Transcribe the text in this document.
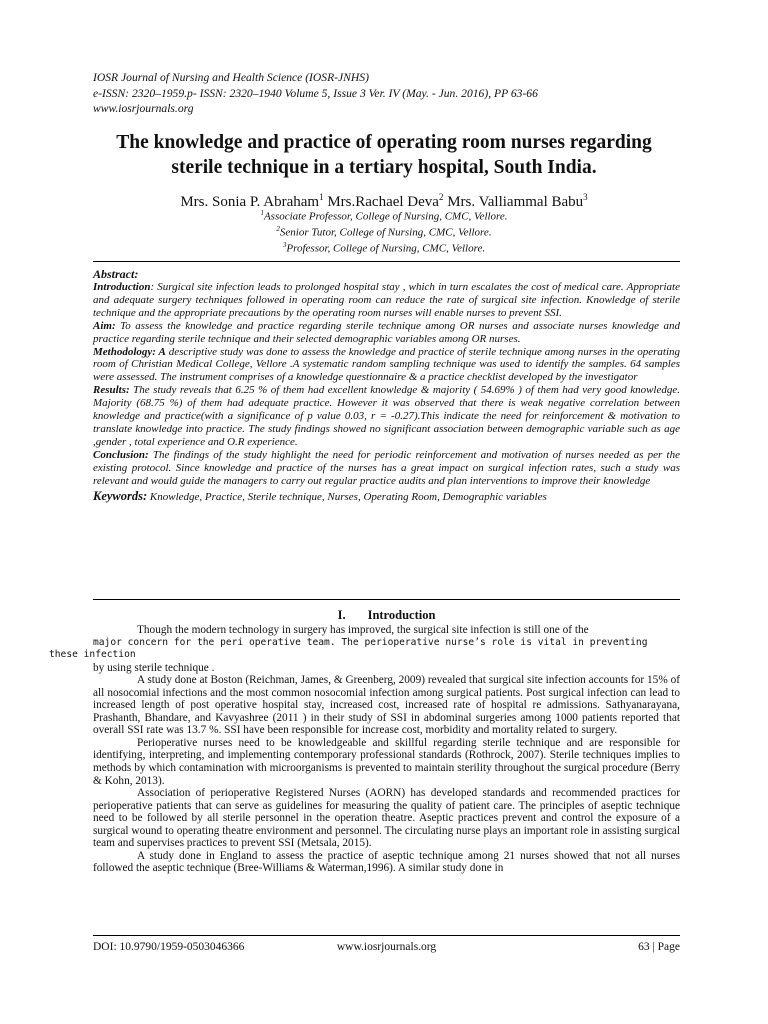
IOSR Journal of Nursing and Health Science (IOSR-JNHS)
e-ISSN: 2320–1959.p- ISSN: 2320–1940 Volume 5, Issue 3 Ver. IV (May. - Jun. 2016), PP 63-66
www.iosrjournals.org
The knowledge and practice of operating room nurses regarding
sterile technique in a tertiary hospital, South India.
Mrs. Sonia P. Abraham$^1$ Mrs.Rachael Deva$^2$ Mrs. Valliammal Babu$^3$
$^1$Associate Professor, College of Nursing, CMC, Vellore.
$^2$Senior Tutor, College of Nursing, CMC, Vellore.
$^3$Professor, College of Nursing, CMC, Vellore.
Abstract:

Introduction: Surgical site infection leads to prolonged hospital stay , which in turn escalates the cost of medical care. Appropriate and adequate surgery techniques followed in operating room can reduce the rate of surgical site infection. Knowledge of sterile technique and the appropriate precautions by the operating room nurses will enable nurses to prevent SSI.

Aim: To assess the knowledge and practice regarding sterile technique among OR nurses and associate nurses knowledge and practice regarding sterile technique and their selected demographic variables among OR nurses.

Methodology: A descriptive study was done to assess the knowledge and practice of sterile technique among nurses in the operating room of Christian Medical College, Vellore .A systematic random sampling technique was used to identify the samples. 64 samples were assessed. The instrument comprises of a knowledge questionnaire & a practice checklist developed by the investigator

Results: The study reveals that 6.25 % of them had excellent knowledge & majority ( 54.69% ) of them had very good knowledge. Majority (68.75 %) of them had adequate practice. However it was observed that there is weak negative correlation between knowledge and practice(with a significance of p value 0.03, r = -0.27).This indicate the need for reinforcement & motivation to translate knowledge into practice. The study findings showed no significant association between demographic variable such as age ,gender , total experience and O.R experience.

Conclusion: The findings of the study highlight the need for periodic reinforcement and motivation of nurses needed as per the existing protocol. Since knowledge and practice of the nurses has a great impact on surgical infection rates, such a study was relevant and would guide the managers to carry out regular practice audits and plan interventions to improve their knowledge

Keywords: Knowledge, Practice, Sterile technique, Nurses, Operating Room, Demographic variables

I. Introduction

Though the modern technology in surgery has improved, the surgical site infection is still one of the
major concern for the peri operative team. The perioperative nurse’s role is vital in preventing these infection
by using sterile technique .

A study done at Boston (Reichman, James, & Greenberg, 2009) revealed that surgical site infection accounts for 15% of all nosocomial infections and the most common nosocomial infection among surgical patients. Post surgical infection can lead to increased length of post operative hospital stay, increased cost, increased rate of hospital re admissions. Sathyanarayana, Prashanth, Bhandare, and Kavyashree (2011 ) in their study of SSI in abdominal surgeries among 1000 patients reported that overall SSI rate was 13.7 %. SSI have been responsible for increase cost, morbidity and mortality related to surgery.

Perioperative nurses need to be knowledgeable and skillful regarding sterile technique and are responsible for identifying, interpreting, and implementing contemporary professional standards (Rothrock, 2007). Sterile techniques implies to methods by which contamination with microorganisms is prevented to maintain sterility throughout the surgical procedure (Berry & Kohn, 2013).

Association of perioperative Registered Nurses (AORN) has developed standards and recommended practices for perioperative patients that can serve as guidelines for measuring the quality of patient care. The principles of aseptic technique need to be followed by all sterile personnel in the operation theatre. Aseptic practices prevent and control the exposure of a surgical wound to operating theatre environment and personnel. The circulating nurse plays an important role in assisting surgical team and supervises practices to prevent SSI (Metsala, 2015).

A study done in England to assess the practice of aseptic technique among 21 nurses showed that not all nurses followed the aseptic technique (Bree-Williams & Waterman,1996). A similar study done in

DOI: 10.9790/1959-0503046366	www.iosrjournals.org	63 | Page
